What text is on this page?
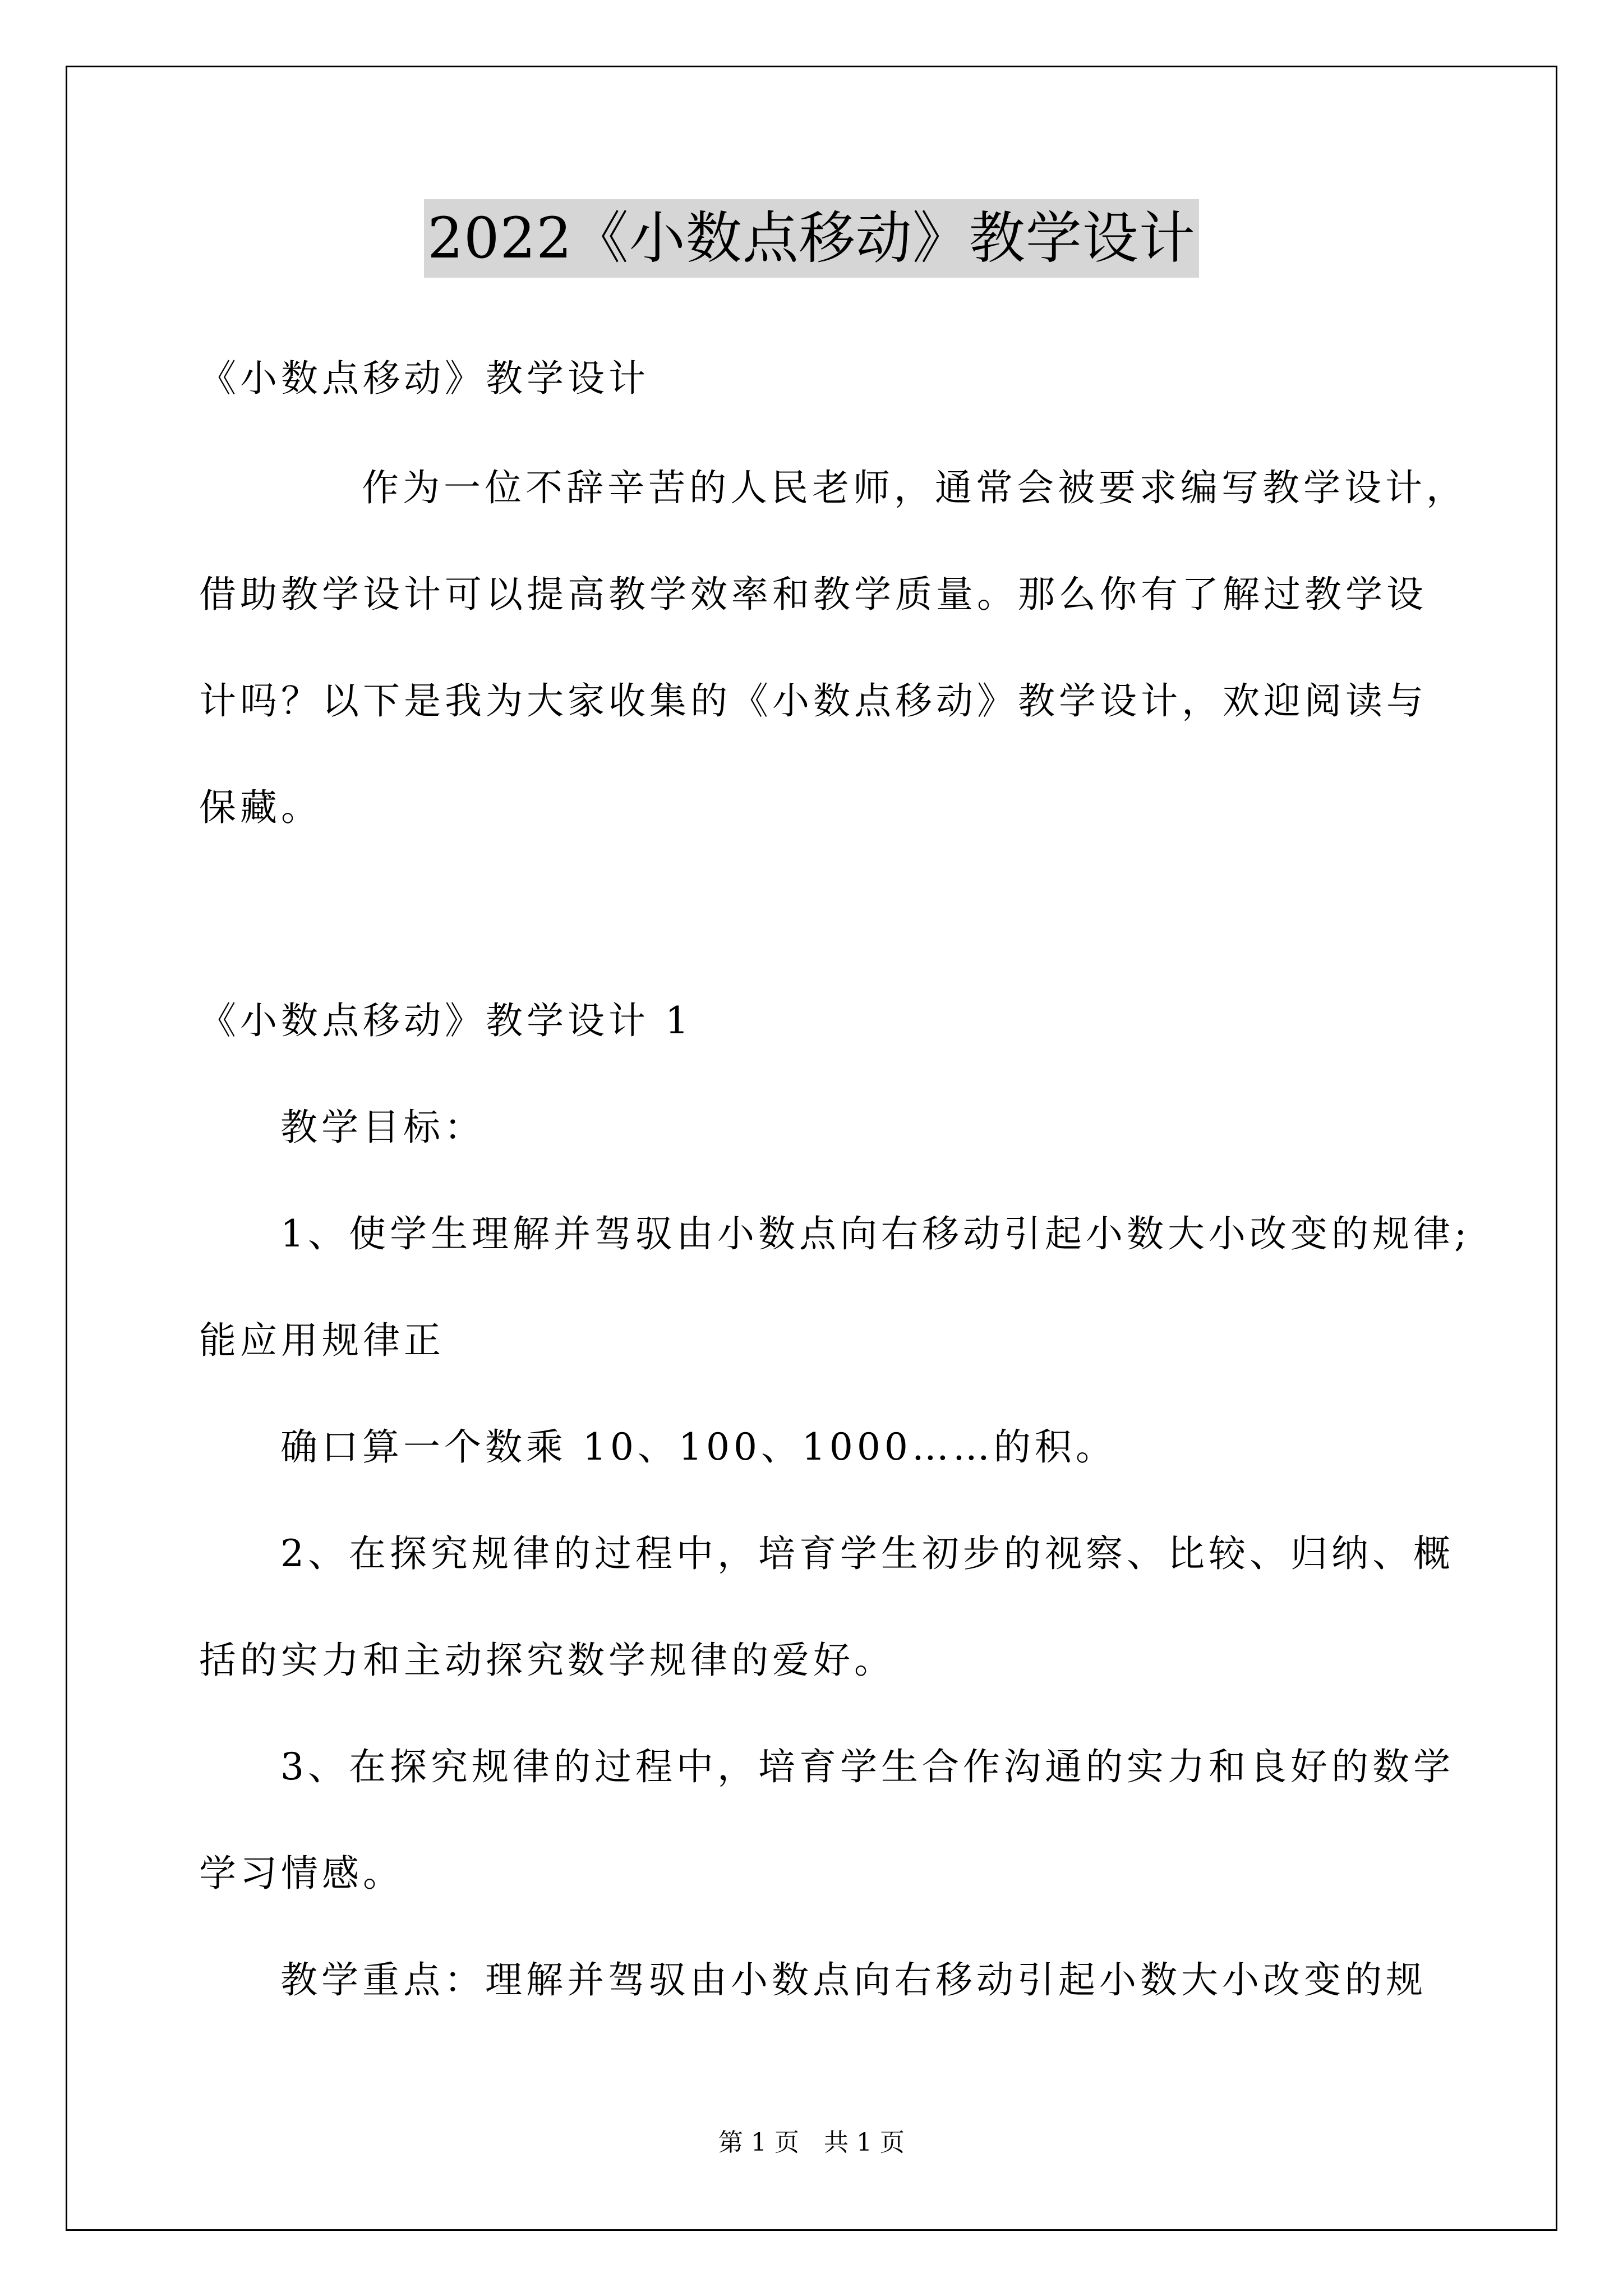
2022《小数点移动》教学设计
《小数点移动》教学设计
作为一位不辞辛苦的人民老师，通常会被要求编写教学设计，
借助教学设计可以提高教学效率和教学质量。那么你有了解过教学设
计吗？以下是我为大家收集的《小数点移动》教学设计，欢迎阅读与
保藏。
《小数点移动》教学设计 1
教学目标：
1、使学生理解并驾驭由小数点向右移动引起小数大小改变的规律;
能应用规律正
确口算一个数乘 10、100、1000……的积。
2、在探究规律的过程中，培育学生初步的视察、比较、归纳、概
括的实力和主动探究数学规律的爱好。
3、在探究规律的过程中，培育学生合作沟通的实力和良好的数学
学习情感。
教学重点：理解并驾驭由小数点向右移动引起小数大小改变的规
第 1 页　共 1 页
